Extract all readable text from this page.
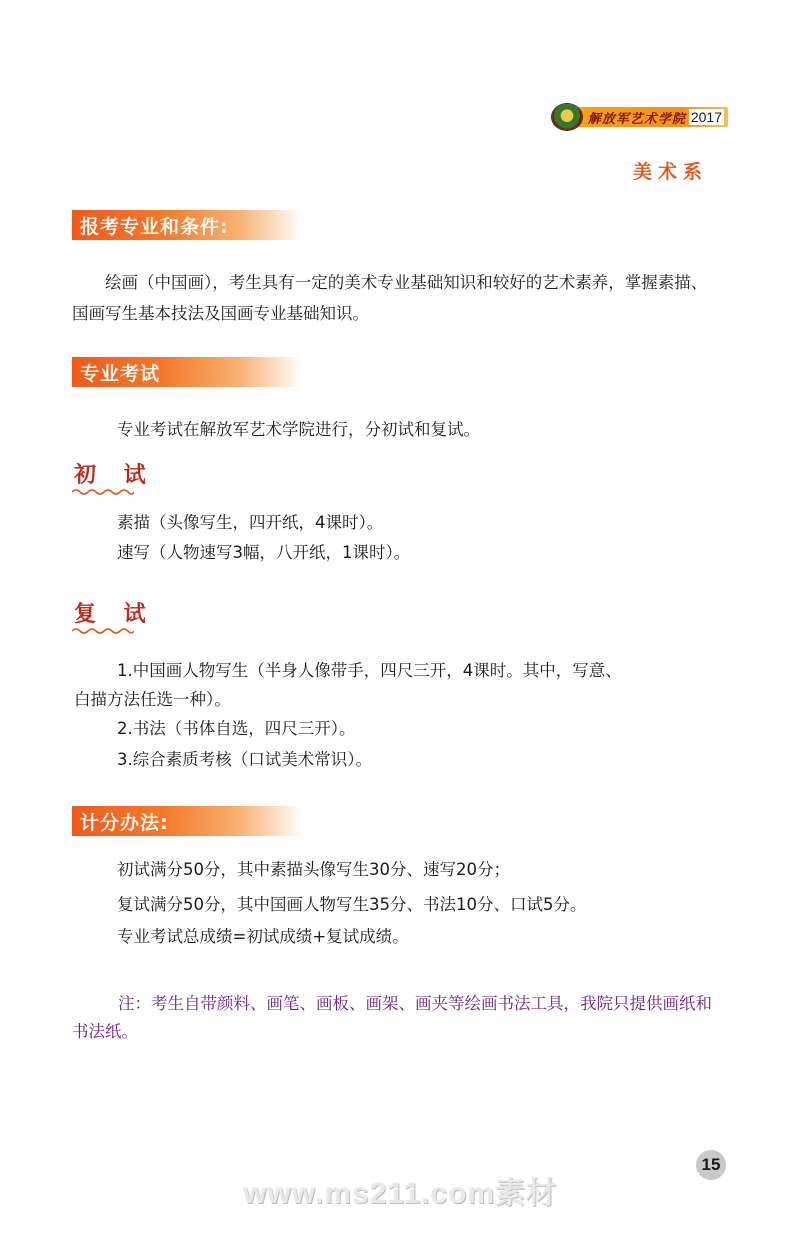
解放军艺术学院 2017
美术系
报考专业和条件:
绘画（中国画），考生具有一定的美术专业基础知识和较好的艺术素养，掌握素描、国画写生基本技法及国画专业基础知识。
专业考试
专业考试在解放军艺术学院进行，分初试和复试。
初 试
素描（头像写生，四开纸，4课时）。
速写（人物速写3幅，八开纸，1课时）。
复 试
1.中国画人物写生（半身人像带手，四尺三开，4课时。其中，写意、
白描方法任选一种）。
2.书法（书体自选，四尺三开）。
3.综合素质考核（口试美术常识）。
计分办法:
初试满分50分，其中素描头像写生30分、速写20分；
复试满分50分，其中国画人物写生35分、书法10分、口试5分。
专业考试总成绩=初试成绩+复试成绩。
注：考生自带颜料、画笔、画板、画架、画夹等绘画书法工具，我院只提供画纸和书法纸。
15
www.ms211.com素材
